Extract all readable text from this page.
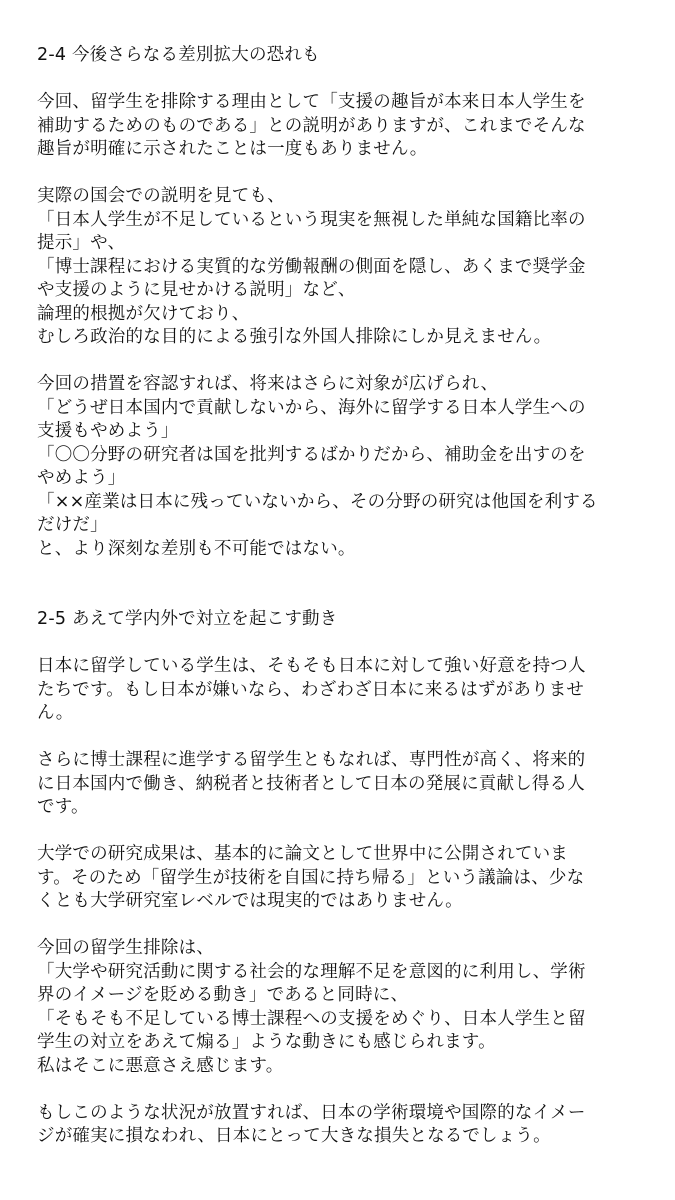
2-4 今後さらなる差別拡大の恐れも
今回、留学生を排除する理由として「支援の趣旨が本来日本人学生を
補助するためのものである」との説明がありますが、これまでそんな
趣旨が明確に示されたことは一度もありません。
実際の国会での説明を見ても、
「日本人学生が不足しているという現実を無視した単純な国籍比率の
提示」や、
「博士課程における実質的な労働報酬の側面を隠し、あくまで奨学金
や支援のように見せかける説明」など、
論理的根拠が欠けており、
むしろ政治的な目的による強引な外国人排除にしか見えません。
今回の措置を容認すれば、将来はさらに対象が広げられ、
「どうぜ日本国内で貢献しないから、海外に留学する日本人学生への
支援もやめよう」
「〇〇分野の研究者は国を批判するばかりだから、補助金を出すのを
やめよう」
「××産業は日本に残っていないから、その分野の研究は他国を利する
だけだ」
と、より深刻な差別も不可能ではない。
2-5 あえて学内外で対立を起こす動き
日本に留学している学生は、そもそも日本に対して強い好意を持つ人
たちです。もし日本が嫌いなら、わざわざ日本に来るはずがありませ
ん。
さらに博士課程に進学する留学生ともなれば、専門性が高く、将来的
に日本国内で働き、納税者と技術者として日本の発展に貢献し得る人
です。
大学での研究成果は、基本的に論文として世界中に公開されていま
す。そのため「留学生が技術を自国に持ち帰る」という議論は、少な
くとも大学研究室レベルでは現実的ではありません。
今回の留学生排除は、
「大学や研究活動に関する社会的な理解不足を意図的に利用し、学術
界のイメージを貶める動き」であると同時に、
「そもそも不足している博士課程への支援をめぐり、日本人学生と留
学生の対立をあえて煽る」ような動きにも感じられます。
私はそこに悪意さえ感じます。
もしこのような状況が放置すれば、日本の学術環境や国際的なイメー
ジが確実に損なわれ、日本にとって大きな損失となるでしょう。
